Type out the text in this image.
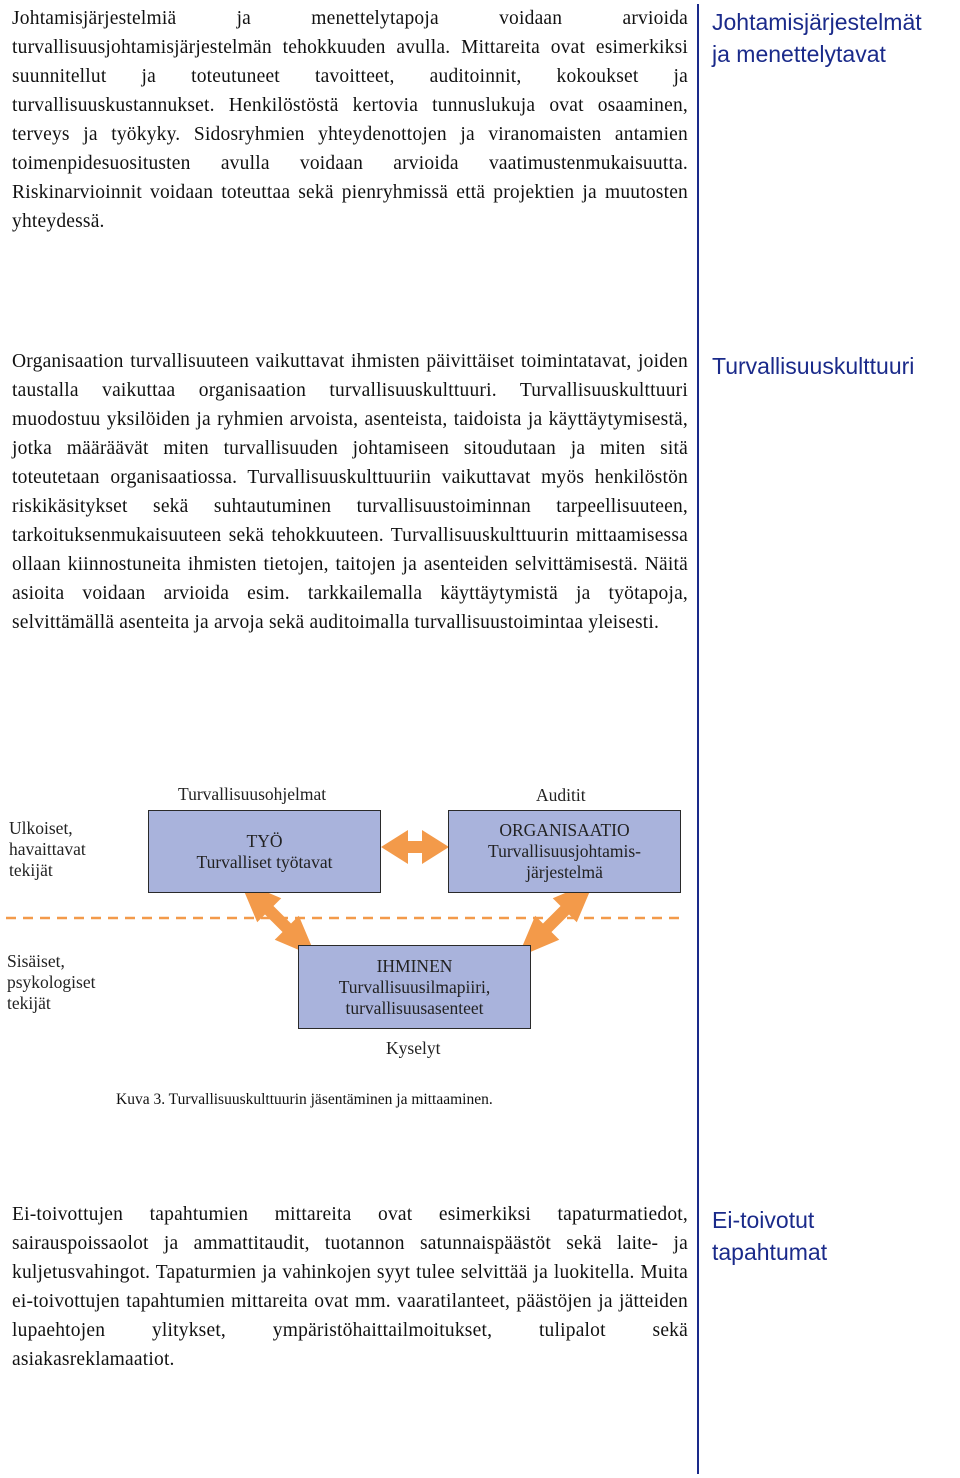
Johtamisjärjestelmiä ja menettelytapoja voidaan arvioida turvallisuusjohtamisjärjestelmän tehokkuuden avulla. Mittareita ovat esimerkiksi suunnitellut ja toteutuneet tavoitteet, auditoinnit, kokoukset ja turvallisuuskustannukset. Henkilöstöstä kertovia tunnuslukuja ovat osaaminen, terveys ja työkyky. Sidosryhmien yhteydenottojen ja viranomaisten antamien toimenpidesuositusten avulla voidaan arvioida vaatimustenmukaisuutta. Riskinarvioinnit voidaan toteuttaa sekä pienryhmissä että projektien ja muutosten yhteydessä.

Johtamisjärjestelmät
ja menettelytavat

Organisaation turvallisuuteen vaikuttavat ihmisten päivittäiset toimintatavat, joiden taustalla vaikuttaa organisaation turvallisuuskulttuuri. Turvallisuuskulttuuri muodostuu yksilöiden ja ryhmien arvoista, asenteista, taidoista ja käyttäytymisestä, jotka määräävät miten turvallisuuden johtamiseen sitoudutaan ja miten sitä toteutetaan organisaatiossa. Turvallisuuskulttuuriin vaikuttavat myös henkilöstön riskikäsitykset sekä suhtautuminen turvallisuustoiminnan tarpeellisuuteen, tarkoituksenmukaisuuteen sekä tehokkuuteen. Turvallisuuskulttuurin mittaamisessa ollaan kiinnostuneita ihmisten tietojen, taitojen ja asenteiden selvittämisestä. Näitä asioita voidaan arvioida esim. tarkkailemalla käyttäytymistä ja työtapoja, selvittämällä asenteita ja arvoja sekä auditoimalla turvallisuustoimintaa yleisesti.

Turvallisuuskulttuuri
Ulkoiset,
havaittavat
tekijät
Sisäiset,
psykologiset
tekijät
Turvallisuusohjelmat	Auditit
TYÖ
Turvalliset työtavat
ORGANISAATIO
Turvallisuusjohtamis-
järjestelmä
IHMINEN
Turvallisuusilmapiiri,
turvallisuusasenteet
Kyselyt
Kuva 3. Turvallisuuskulttuurin jäsentäminen ja mittaaminen.

Ei-toivottujen tapahtumien mittareita ovat esimerkiksi tapaturmatiedot, sairauspoissaolot ja ammattitaudit, tuotannon satunnaispäästöt sekä laite- ja kuljetusvahingot. Tapaturmien ja vahinkojen syyt tulee selvittää ja luokitella. Muita ei-toivottujen tapahtumien mittareita ovat mm. vaaratilanteet, päästöjen ja jätteiden lupaehtojen ylitykset, ympäristöhaittailmoitukset, tulipalot sekä asiakasreklamaatiot.

Ei-toivotut
tapahtumat
